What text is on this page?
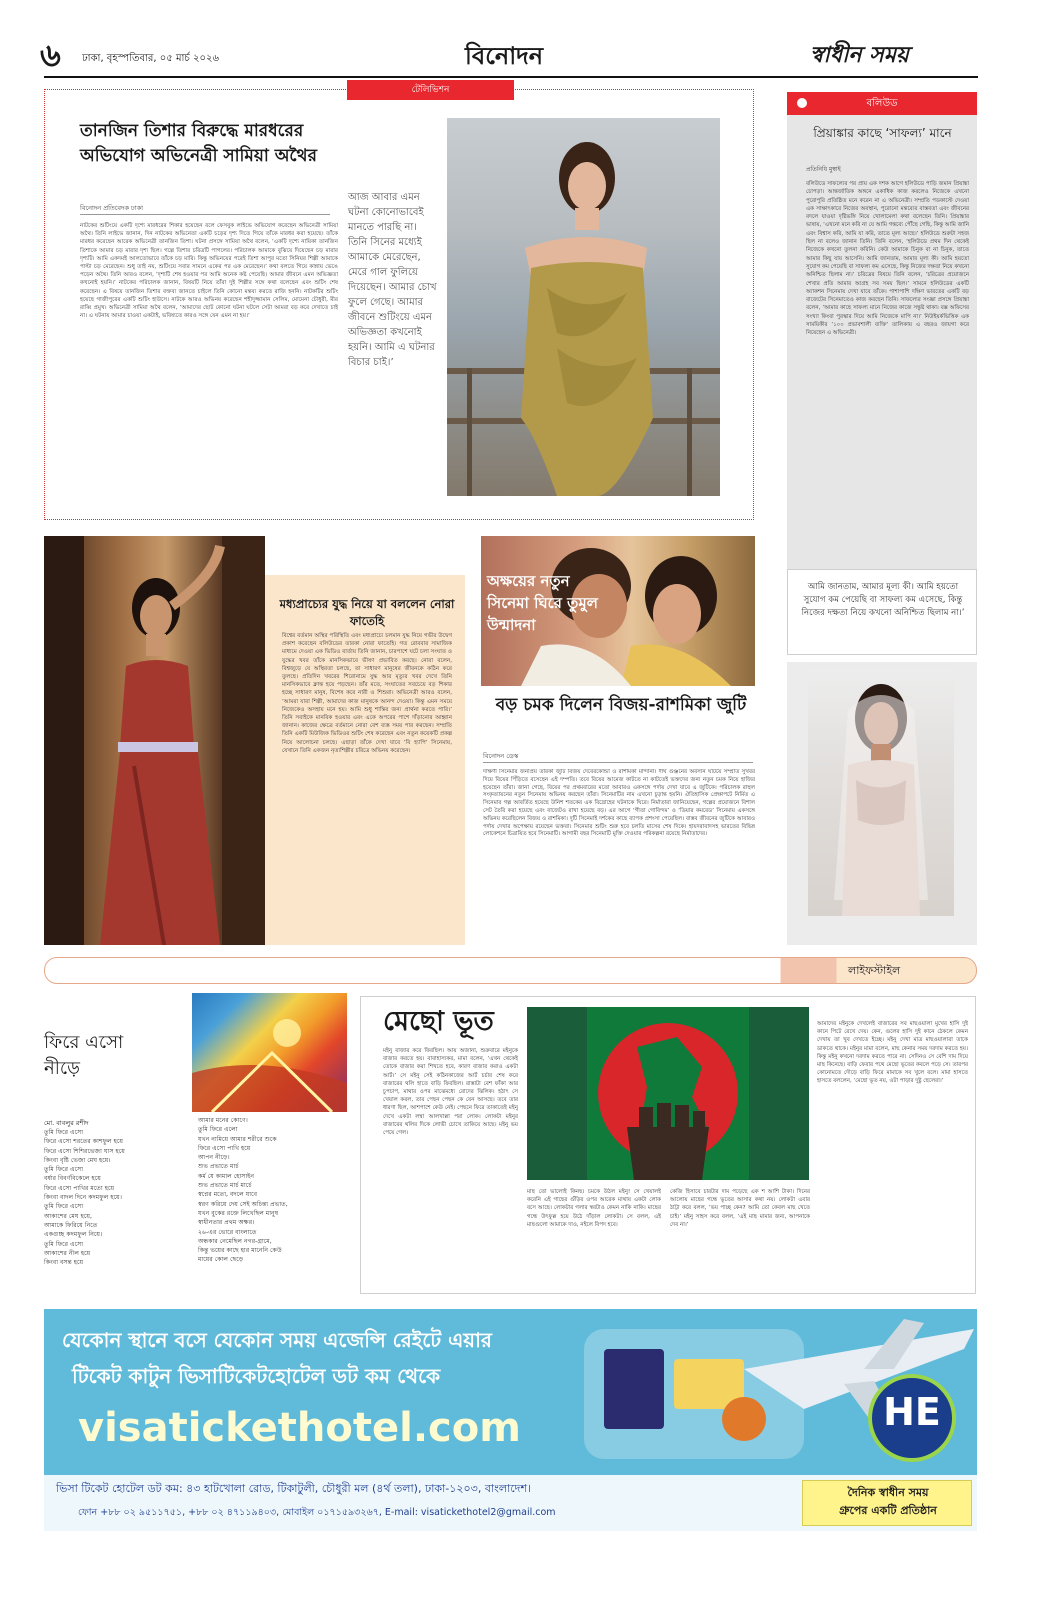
৬ ঢাকা, বৃহস্পতিবার, ০৫ মার্চ ২০২৬	বিনোদন	স্বাধীন সময়
টেলিভিশন
তানজিন তিশার বিরুদ্ধে মারধরের অভিযোগ অভিনেত্রী সামিয়া অথৈর
বিনোদন প্রতিবেদক ঢাকা
নাটকের শুটিংয়ে একটি দৃশ্যে মারধরের শিকার হয়েছেন বলে ফেসবুক লাইভে অভিযোগ করেছেন অভিনেত্রী সামিয়া অথৈ। তিনি লাইভে জানান, দিন নাটকের অভিনেতা একটি চড়ের দৃশ্য দিতে গিয়ে তাঁকে মারধর করা হয়েছে। তাঁকে মারধর করেছেন আরেক অভিনেত্রী তানজিন তিশা। ঘটনা প্রসঙ্গে সামিয়া অথৈ বলেন, ‘একটি দৃশ্যে নায়িকা তানজিন তিশাকে আমার চড় মারার দৃশ্য ছিল। গল্পে তিশার চরিত্রটি পাগলের। পরিচালক আমাকে বুঝিয়ে দিয়েছেন চড় মারার দৃশ্যটি। আমি একদমই আলতোভাবে তাঁকে চড় মারি। কিন্তু অভিনয়ের পরেই তিশা আপুর মতো সিনিয়র শিল্পী আমাকে পাল্টা চড় মেরেছেন। শুধু তাই নয়, শুটিংয়ে সবার সামনে একের পর এক মেরেছেন।’ কথা বলতে গিয়ে কান্নায় ভেঙে পড়েন অথৈ। তিনি আরও বলেন, ‘দৃশ্যটি শেষ হওয়ার পর আমি অনেক কষ্ট পেয়েছি। আমার জীবনে এমন অভিজ্ঞতা কখনোই হয়নি।’ নাটকের পরিচালক জানান, বিষয়টি নিয়ে তাঁরা দুই শিল্পীর সঙ্গে কথা বলেছেন এবং শুটিং শেষ করেছেন। এ বিষয়ে তানজিন তিশার বক্তব্য জানতে চাইলে তিনি কোনো মন্তব্য করতে রাজি হননি। নাটকটির শুটিং হয়েছে গাজীপুরের একটি শুটিং হাউসে। নাটকে আরও অভিনয় করেছেন শহীদুজ্জামান সেলিম, মোমেনা চৌধুরী, মীর রাব্বি প্রমুখ। অভিনেত্রী সামিয়া অথৈ বলেন, ‘আমাদের ছোট কোনো ঘটনা ঘটলে সেটা আমরা বড় করে দেখাতে চাই না। এ ঘটনায় আমার চাওয়া একটাই, ভবিষ্যতে কারও সঙ্গে যেন এমন না হয়।’
আজ আবার এমন ঘটনা কোনোভাবেই মানতে পারছি না। তিনি সিনের মধ্যেই আমাকে মেরেছেন, মেরে গাল ফুলিয়ে দিয়েছেন। আমার চোখ ফুলে গেছে। আমার জীবনে শুটিংয়ে এমন অভিজ্ঞতা কখনোই হয়নি। আমি এ ঘটনার বিচার চাই।’
বলিউড
প্রিয়াঙ্কার কাছে ‘সাফল্য’ মানে
প্রতিনিধি মুম্বাই
বলিউডে সাফল্যের পর প্রায় এক দশক আগে হলিউডে পাড়ি জমান প্রিয়াঙ্কা চোপড়া। আন্তর্জাতিক অঙ্গনে একাধিক কাজ করলেও নিজেকে এখনো পুরোপুরি প্রতিষ্ঠিত মনে করেন না এ অভিনেত্রী। সম্প্রতি পডকাস্টে দেওয়া এক সাক্ষাৎকারে নিজের অবস্থান, পুরোনো মন্তব্যের বাস্তবতা এবং জীবনের বদলে যাওয়া দৃষ্টিভঙ্গি নিয়ে খোলামেলা কথা বলেছেন তিনি। প্রিয়াঙ্কার ভাষায়, ‘এখনো মনে করি না যে আমি গন্তব্যে পৌঁছে গেছি, কিন্তু আমি জানি এবং বিশ্বাস করি, আমি যা করি, তাতে মূল্য আছে।’ হলিউডে শুরুটা সহজ ছিল না বলেও জানান তিনি। তিনি বলেন, ‘হলিউডে প্রথম দিন থেকেই নিজেকে কখনো তুলনা করিনি। কেউ আমাকে চিনুক বা না চিনুক, তাতে আমার কিছু যায় আসেনি। আমি জানতাম, আমার মূল্য কী। আমি হয়তো সুযোগ কম পেয়েছি বা সাফল্য কম এসেছে, কিন্তু নিজের দক্ষতা নিয়ে কখনো অনিশ্চিত ছিলাম না।’ চরিত্রের বিষয়ে তিনি বলেন, ‘চরিত্রের প্রয়োজনে শেখার প্রতি আমার আগ্রহ সব সময় ছিল।’ সামনে হলিউডের একটি অ্যাকশন সিনেমায় দেখা যাবে তাঁকে। পাশাপাশি দক্ষিণ ভারতের একটি বড় বাজেটের সিনেমাতেও কাজ করছেন তিনি। সাফল্যের সংজ্ঞা প্রসঙ্গে প্রিয়াঙ্কা বলেন, ‘আমার কাছে সাফল্য মানে নিজের কাজে সন্তুষ্ট থাকা। বক্স অফিসের সংখ্যা কিংবা পুরস্কার দিয়ে আমি নিজেকে মাপি না।’ নিউইয়র্কভিত্তিক এক সাময়িকীর ‘১০০ প্রভাবশালী ব্যক্তি’ তালিকায় এ বছরও জায়গা করে নিয়েছেন এ অভিনেত্রী।
আমি জানতাম, আমার মূল্য কী। আমি হয়তো সুযোগ কম পেয়েছি বা সাফল্য কম এসেছে, কিন্তু নিজের দক্ষতা নিয়ে কখনো অনিশ্চিত ছিলাম না।’
মধ্যপ্রাচ্যের যুদ্ধ নিয়ে যা বললেন নোরা ফাতেহি
বিশ্বের বর্তমান অস্থির পরিস্থিতি এবং মধ্যপ্রাচ্যে চলমান যুদ্ধ নিয়ে গভীর উদ্বেগ প্রকাশ করেছেন বলিউডের তারকা নোরা ফাতেহি। গত রোববার সামাজিক মাধ্যমে দেওয়া এক ভিডিও বার্তায় তিনি জানান, চারপাশে ঘটে চলা সংঘাত ও যুদ্ধের খবর তাঁকে মানসিকভাবে ভীষণ প্রভাবিত করছে। নোরা বলেন, বিশ্বজুড়ে যে অস্থিরতা চলছে, তা সাধারণ মানুষের জীবনকে কঠিন করে তুলছে। প্রতিদিন খবরের শিরোনামে যুদ্ধ আর মৃত্যুর খবর দেখে তিনি মানসিকভাবে ক্লান্ত হয়ে পড়ছেন। তাঁর মতে, সংঘাতের সবচেয়ে বড় শিকার হচ্ছে সাধারণ মানুষ, বিশেষ করে নারী ও শিশুরা। অভিনেত্রী আরও বলেন, ‘আমরা যারা শিল্পী, আমাদের কাজ মানুষকে আনন্দ দেওয়া। কিন্তু এমন সময়ে নিজেকেও অসহায় মনে হয়। আমি শুধু শান্তির জন্য প্রার্থনা করতে পারি।’ তিনি সবাইকে মানবিক হওয়ার এবং একে অপরের পাশে দাঁড়ানোর আহ্বান জানান। কাজের ক্ষেত্রে বর্তমানে নোরা বেশ ব্যস্ত সময় পার করছেন। সম্প্রতি তিনি একটি মিউজিক ভিডিওর শুটিং শেষ করেছেন এবং নতুন কয়েকটি প্রকল্প নিয়ে আলোচনা চলছে। এছাড়া তাঁকে দেখা যাবে ‘বি হ্যাপি’ সিনেমায়, যেখানে তিনি একজন নৃত্যশিল্পীর চরিত্রে অভিনয় করেছেন।
অক্ষয়ের নতুন সিনেমা ঘিরে তুমুল উন্মাদনা
বড় চমক দিলেন বিজয়-রাশমিকা জুটি
বিনোদন ডেস্ক
দক্ষিণী সিনেমার জনপ্রিয় তারকা জুটি বিজয় দেবেরকোন্ডা ও রাশমিকা মান্দানা। দীর্ঘ গুঞ্জনের অবসান ঘটিয়ে সম্প্রতি সুখবর দিয়ে বিয়ের পিঁড়িতে বসেছেন এই দম্পতি। তবে বিয়ের আমেজ কাটতে না কাটতেই ভক্তদের জন্য নতুন চমক নিয়ে হাজির হয়েছেন তাঁরা। জানা গেছে, বিয়ের পর প্রথমবারের মতো আবারও একসঙ্গে পর্দায় দেখা যাবে এ জুটিকে। পরিচালক রাহুল সংকৃত্যায়নের নতুন সিনেমায় অভিনয় করছেন তাঁরা। সিনেমাটির নাম এখনো চূড়ান্ত হয়নি। ঐতিহাসিক প্রেক্ষাপটে নির্মিত এ সিনেমার গল্প আবর্তিত হয়েছে উনিশ শতকের এক বিদ্রোহের ঘটনাকে ঘিরে। নির্মাতারা জানিয়েছেন, গল্পের প্রয়োজনে বিশাল সেট তৈরি করা হয়েছে এবং বাজেটও রাখা হয়েছে বড়। এর আগে ‘গীতা গোবিন্দম’ ও ‘ডিয়ার কমরেড’ সিনেমায় একসঙ্গে অভিনয় করেছিলেন বিজয় ও রাশমিকা। দুটি সিনেমাই দর্শকের কাছে ব্যাপক প্রশংসা পেয়েছিল। বাস্তব জীবনের জুটিকে আবারও পর্দায় দেখার অপেক্ষায় রয়েছেন ভক্তরা। সিনেমার শুটিং শুরু হবে চলতি মাসের শেষ দিকে। হায়দরাবাদসহ ভারতের বিভিন্ন লোকেশনে চিত্রায়িত হবে সিনেমাটি। আগামী বছর সিনেমাটি মুক্তি দেওয়ার পরিকল্পনা রয়েছে নির্মাতাদের।
লাইফস্টাইল
ফিরে এসো নীড়ে
মো. বাবলুর রশীদ
তুমি ফিরে এসো
ফিরে এসো শরতের কাশফুল হয়ে
ফিরে এসো শিশিরভেজা ঘাস হয়ে
কিংবা বৃষ্টি ভেজা মেঘ হয়ে।
তুমি ফিরে এসো
বর্ষার বিবর্ণবিকেলে হয়ে
ফিরে এসো পাখির মতো হয়ে
কিংবা বাদল দিনে কদমফুল হয়ে।
তুমি ফিরে এসো
আকাশের মেঘ হয়ে,
আমাকে ফিরিয়ে নিতে
একগুচ্ছ কদমফুল নিয়ে।
তুমি ফিরে এসো
আকাশের নীল হয়ে
কিংবা বসন্ত হয়ে
আমার মনের কোণে।
তুমি ফিরে এলো
যখন নামিয়ে আমার শরীরে শুকে
ফিরে এসো পাখি হয়ে
আপন নীড়ে।
শুভ প্রভাতে মার্চ
কর্ম যে কামাল হোসাইন
শুভ প্রভাতে মার্চ মার্চে
স্বপ্নের মতো, বদলে যাবে
স্বরণ করিয়ে দেয় সেই অচিন্ত্য প্রভাত,
যখন বুকের রক্তে লিখেছিল মানুষ
স্বাধীনতার প্রথম অক্ষর।
২৬-এর ভোরে বাংলাতে
অন্ধকার নেমেছিল নগর-গ্রামে,
কিন্তু ভয়ের কাছে হার মানেনি কেউ
মায়ের কোল ছেড়ে
মেছো ভূত
মইনু বাজার করে ফিরছিল। আয় অজানা, শুক্রবারে মইনুকে বাজার করতে হয়। বাবাহাস্যকর, মামা বলেন, ‘এখন থেকেই তোকে বাজার করা শিখতে হবে, কারণ বাজার করাও একটা আর্ট।’ সে মইনু সেই কঠিনকাজের আর্ট চর্চার শেষ করে বাজারের থলি হাতে বাড়ি ফিরছিল। রাস্তাটা বেশ ফাঁকা আর চুপচাপ, মাথার ওপর মাঝেমধ্যে রোদের ঝিলিক। হঠাৎ সে খেয়াল করল, তার পেছন পেছন কে যেন আসছে। তবে তার ধারণা ছিল, আশপাশে কেউ নেই। পেছনে ফিরে তাকাতেই মইনু দেখে একটা লম্বা আলখাল্লা পরা লোক। লোকটা মইনুর বাজারের থলির দিকে লোভী চোখে তাকিয়ে আছে। মইনু ভয় পেয়ে গেল।
মাছ তো ভালোই কিনছ। চমকে উঠল মইনু! সে খেয়ালই করেনি এই গাছের গুঁড়ির ওপর আরেক মাথায় একটা লোক বসে আছে। লোকটার গলার স্বরটাও কেমন নাকি নাকি। মাছের গন্ধে উৎফুল্ল হয়ে উঠে দাঁড়াল লোকটা। সে বলল, এই মাছগুলো আমাকে দাও, নইলে বিপদ হবে।
কেজি হিসাবে চারটার দাম পড়েছে এক শ আশি টাকা। দিনের আলোয় মাছের গন্ধে ভূতের আসার কথা নয়। লোকটা এবার ঠাট্টা করে বলল, ‘ভয় পাচ্ছ কেন? আমি তো কেবল মাছ খেতে চাই।’ মইনু সাহস করে বলল, ‘এই মাছ মামার জন্য, আপনাকে দেব না।’
আমাদের মইনুকে দেখলেই বাজারের সব মাছওয়ালা মুখের হাসি দুই কানে পিটে রেখে দেয়। কেন, গুলের হাসি দুই কানে ঠেকলে কেমন দেখায় তা খুব দেখতে ইচ্ছে। মইনু দেখা মাত্র মাছওয়ালারা তাকে ডাকতে থাকে। মইনুর মামা বলেন, মাছ কেনার সময় দরদাম করতে হয়। কিন্তু মইনু কখনো দরদাম করতে পারে না। সেদিনও সে বেশি দাম দিয়ে মাছ কিনেছে। বাড়ি ফেরার পথে মেছো ভূতের কবলে পড়ে সে। তারপর কোনোমতে দৌড়ে বাড়ি ফিরে মামাকে সব খুলে বলে। মামা হাসতে হাসতে বললেন, ‘মেছো ভূত নয়, ওটা পাড়ার দুষ্টু ছেলেরা।’
যেকোন স্থানে বসে যেকোন সময় এজেন্সি রেইটে এয়ার
টিকেট কাটুন ভিসাটিকেটহোটেল ডট কম থেকে
visaticket​hotel.com	HE
ভিসা টিকেট হোটেল ডট কম: ৪৩ হাটখোলা রোড, টিকাটুলী, চৌধুরী মল (৪র্থ তলা), ঢাকা-১২০৩, বাংলাদেশ।
ফোন +৮৮ ০২ ৯৫১১৭৫১, +৮৮ ০২ ৪৭১১৯৪০৩, মোবাইল ০১৭১৫৯৩২৬৭, E-mail: visaticket​hotel2@gmail.com
দৈনিক স্বাধীন সময়
গ্রুপের একটি প্রতিষ্ঠান
